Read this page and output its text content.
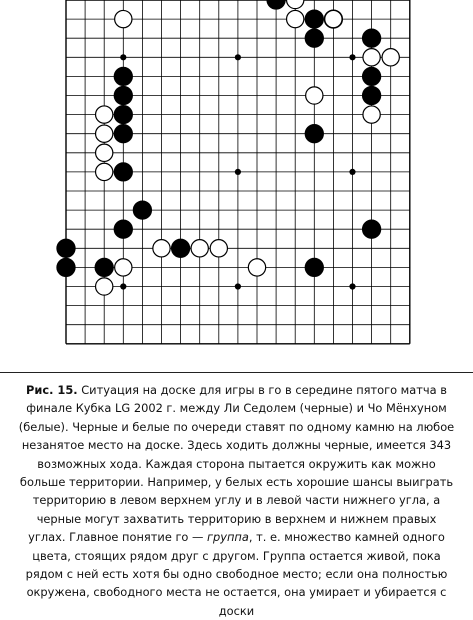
Рис. 15. Ситуация на доске для игры в го в середине пятого матча в финале Кубка LG 2002 г. между Ли Седолем (черные) и Чо Мёнхуном (белые). Черные и белые по очереди ставят по одному камню на любое незанятое место на доске. Здесь ходить должны черные, имеется 343 возможных хода. Каждая сторона пытается окружить как можно больше территории. Например, у белых есть хорошие шансы выиграть территорию в левом верхнем углу и в левой части нижнего угла, а черные могут захватить территорию в верхнем и нижнем правых углах. Главное понятие го — группа, т. е. множество камней одного цвета, стоящих рядом друг с другом. Группа остается живой, пока рядом с ней есть хотя бы одно свободное место; если она полностью окружена, свободного места не остается, она умирает и убирается с доски
